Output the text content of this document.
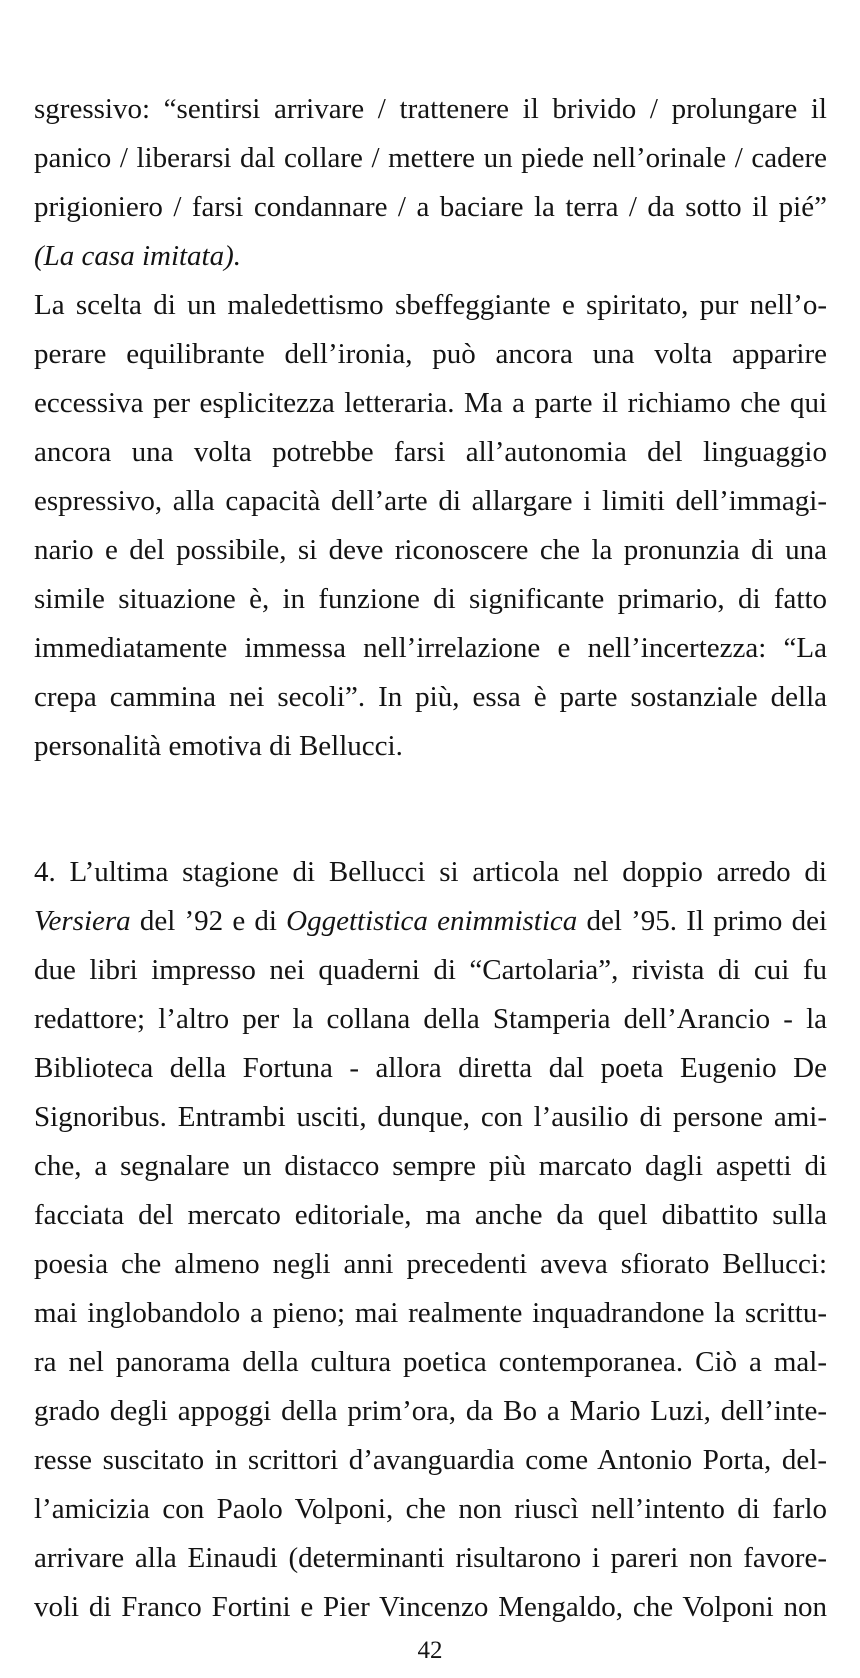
sgressivo: “sentirsi arrivare / trattenere il brivido / prolungare il

panico / liberarsi dal collare / mettere un piede nell’orinale / cadere

prigioniero / farsi condannare / a baciare la terra / da sotto il pié”

(La casa imitata).

La scelta di un maledettismo sbeffeggiante e spiritato, pur nell’o-

perare equilibrante dell’ironia, può ancora una volta apparire

eccessiva per esplicitezza letteraria. Ma a parte il richiamo che qui

ancora una volta potrebbe farsi all’autonomia del linguaggio

espressivo, alla capacità dell’arte di allargare i limiti dell’immagi-

nario e del possibile, si deve riconoscere che la pronunzia di una

simile situazione è, in funzione di significante primario, di fatto

immediatamente immessa nell’irrelazione e nell’incertezza: “La

crepa cammina nei secoli”. In più, essa è parte sostanziale della

personalità emotiva di Bellucci.

4. L’ultima stagione di Bellucci si articola nel doppio arredo di

Versiera del ’92 e di Oggettistica enimmistica del ’95. Il primo dei

due libri impresso nei quaderni di “Cartolaria”, rivista di cui fu

redattore; l’altro per la collana della Stamperia dell’Arancio - la

Biblioteca della Fortuna - allora diretta dal poeta Eugenio De

Signoribus. Entrambi usciti, dunque, con l’ausilio di persone ami-

che, a segnalare un distacco sempre più marcato dagli aspetti di

facciata del mercato editoriale, ma anche da quel dibattito sulla

poesia che almeno negli anni precedenti aveva sfiorato Bellucci:

mai inglobandolo a pieno; mai realmente inquadrandone la scrittu-

ra nel panorama della cultura poetica contemporanea. Ciò a mal-

grado degli appoggi della prim’ora, da Bo a Mario Luzi, dell’inte-

resse suscitato in scrittori d’avanguardia come Antonio Porta, del-

l’amicizia con Paolo Volponi, che non riuscì nell’intento di farlo

arrivare alla Einaudi (determinanti risultarono i pareri non favore-

voli di Franco Fortini e Pier Vincenzo Mengaldo, che Volponi non

42
